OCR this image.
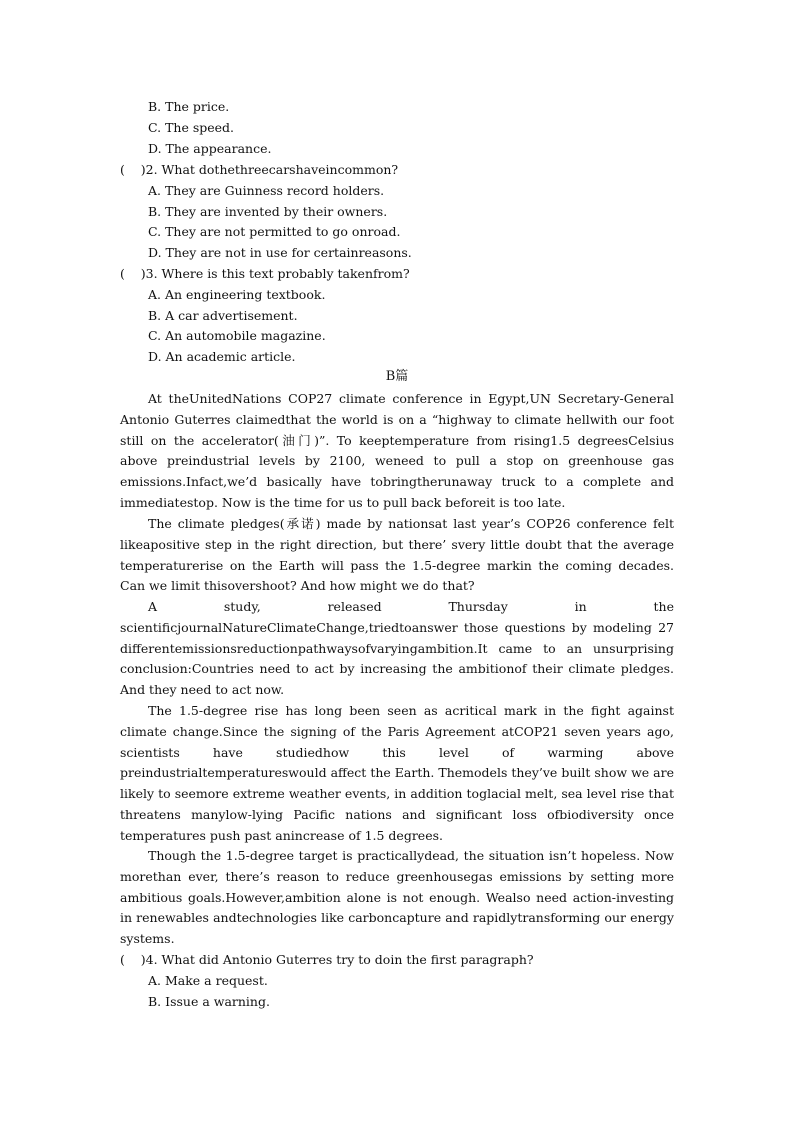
B. The price.
C. The speed.
D. The appearance.
(    )2. What dothethreecarshaveincommon?
A. They are Guinness record holders.
B. They are invented by their owners.
C. They are not permitted to go onroad.
D. They are not in use for certainreasons.
(    )3. Where is this text probably takenfrom?
A. An engineering textbook.
B. A car advertisement.
C. An automobile magazine.
D. An academic article.
B篇
At theUnitedNations COP27 climate conference in Egypt,UN Secretary-General Antonio Guterres claimedthat the world is on a “highway to climate hellwith our foot still on the accelerator(油门)”. To keeptemperature from rising1.5 degreesCelsius above preindustrial levels by 2100, weneed to pull a stop on greenhouse gas emissions.Infact,we’d basically have tobringtherunaway truck to a complete and immediatestop. Now is the time for us to pull back beforeit is too late.
The climate pledges(承诺) made by nationsat last year’s COP26 conference felt likeapositive step in the right direction, but there’ svery little doubt that the average temperaturerise on the Earth will pass the 1.5-degree markin the coming decades. Can we limit thisovershoot? And how might we do that?
A study, released Thursday in the scientificjournalNatureClimateChange,triedtoanswer those questions by modeling 27 differentemissionsreductionpathwaysofvaryingambition.It came to an unsurprising conclusion:Countries need to act by increasing the ambitionof their climate pledges. And they need to act now.
The 1.5-degree rise has long been seen as acritical mark in the fight against climate change.Since the signing of the Paris Agreement atCOP21 seven years ago, scientists have studiedhow this level of warming above preindustrialtemperatureswould affect the Earth. Themodels they’ve built show we are likely to seemore extreme weather events, in addition toglacial melt, sea level rise that threatens manylow-lying Pacific nations and significant loss ofbiodiversity once temperatures push past anincrease of 1.5 degrees.
Though the 1.5-degree target is practicallydead, the situation isn’t hopeless. Now morethan ever, there’s reason to reduce greenhousegas emissions by setting more ambitious goals.However,ambition alone is not enough. Wealso need action-investing in renewables andtechnologies like carboncapture and rapidlytransforming our energy systems.
(    )4. What did Antonio Guterres try to doin the first paragraph?
A. Make a request.
B. Issue a warning.
